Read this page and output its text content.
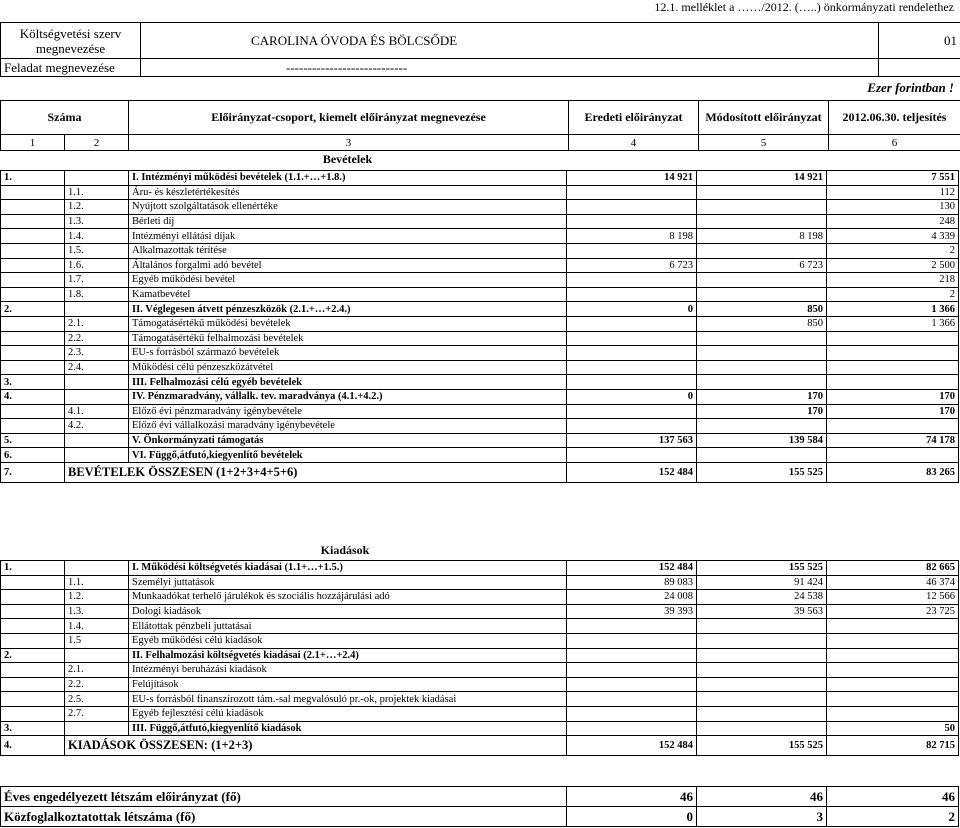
12.1. melléklet a ……/2012. (…..) önkormányzati rendelethez
Költségvetési szerv megnevezése	CAROLINA ÓVODA ÉS BÖLCSŐDE	01
Feladat megnevezése	----------------------------	
Ezer forintban !
Száma	Előirányzat-csoport, kiemelt előirányzat megnevezése	Eredeti előirányzat	Módosított előirányzat	2012.06.30. teljesítés
1	2	3	4	5	6
Bevételek
1.		I. Intézményi működési bevételek (1.1.+…+1.8.)	14 921	14 921	7 551
	1.1.	Áru- és készletértékesítés			112
	1.2.	Nyújtott szolgáltatások ellenértéke			130
	1.3.	Bérleti díj			248
	1.4.	Intézményi ellátási díjak	8 198	8 198	4 339
	1.5.	Alkalmazottak térítése			2
	1.6.	Általános forgalmi adó bevétel	6 723	6 723	2 500
	1.7.	Egyéb működési bevétel			218
	1.8.	Kamatbevétel			2
2.		II. Véglegesen átvett pénzeszközök (2.1.+…+2.4.)	0	850	1 366
	2.1.	Támogatásértékű működési bevételek		850	1 366
	2.2.	Támogatásértékű felhalmozási bevételek			
	2.3.	EU-s forrásból származó bevételek			
	2.4.	Működési célú pénzeszközátvétel			
3.		III. Felhalmozási célú egyéb bevételek			
4.		IV. Pénzmaradvány, vállalk. tev. maradványa (4.1.+4.2.)	0	170	170
	4.1.	Előző évi pénzmaradvány igénybevétele		170	170
	4.2.	Előző évi vállalkozási maradvány igénybevétele			
5.		V. Önkormányzati támogatás	137 563	139 584	74 178
6.		VI. Függő,átfutó,kiegyenlítő bevételek			
7.	BEVÉTELEK ÖSSZESEN (1+2+3+4+5+6)		152 484	155 525	83 265
Kiadások
1.		I. Működési költségvetés kiadásai (1.1+…+1.5.)	152 484	155 525	82 665
	1.1.	Személyi juttatások	89 083	91 424	46 374
	1.2.	Munkaadókat terhelő járulékok és szociális hozzájárulási adó	24 008	24 538	12 566
	1.3.	Dologi kiadások	39 393	39 563	23 725
	1.4.	Ellátottak pénzbeli juttatásai			
	1.5	Egyéb működési célú kiadások			
2.		II. Felhalmozási költségvetés kiadásai (2.1+…+2.4)			
	2.1.	Intézményi beruházási kiadások			
	2.2.	Felújítások			
	2.5.	EU-s forrásból finanszírozott tám.-sal megvalósuló pr.-ok, projektek kiadásai			
	2.7.	Egyéb fejlesztési célú kiadások			
3.		III. Függő,átfutó,kiegyenlítő kiadások			50
4.	KIADÁSOK ÖSSZESEN: (1+2+3)		152 484	155 525	82 715
Éves engedélyezett létszám előirányzat (fő)	46	46	46
Közfoglalkoztatottak létszáma (fő)	0	3	2
